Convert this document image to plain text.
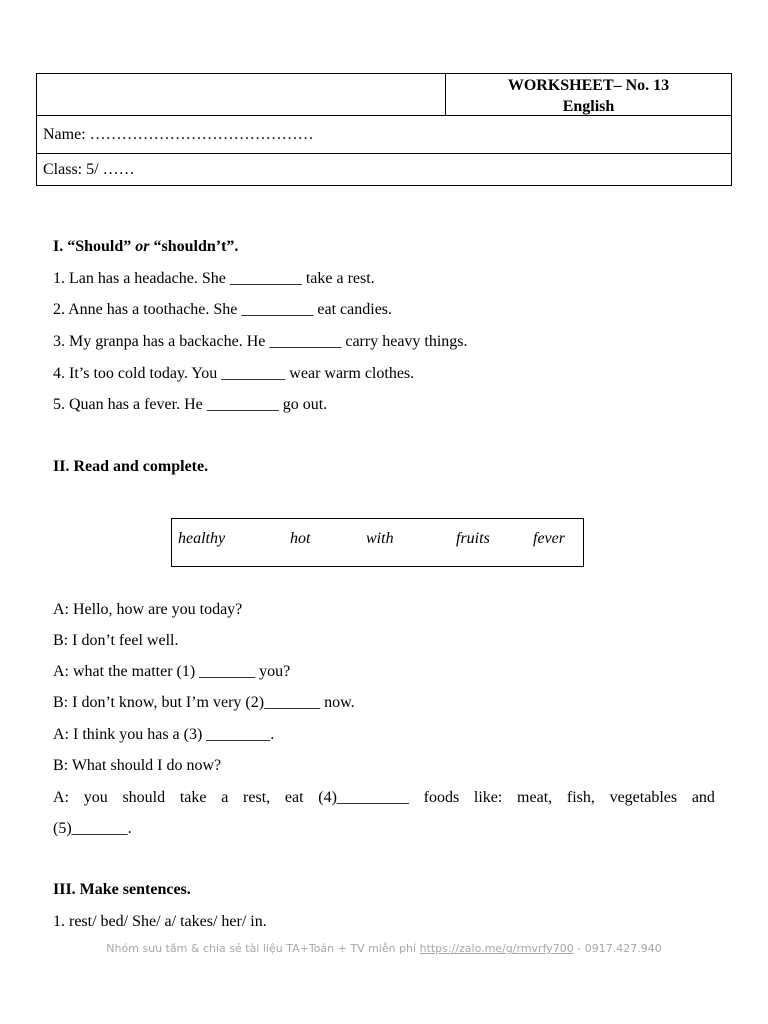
WORKSHEET– No. 13
English
Name: ……………………………………
Class: 5/ ……
I. “Should” or “shouldn’t”.
1. Lan has a headache. She _________ take a rest.
2. Anne has a toothache. She _________ eat candies.
3. My granpa has a backache. He _________ carry heavy things.
4. It’s too cold today. You ________ wear warm clothes.
5. Quan has a fever. He _________ go out.
II. Read and complete.
healthy	hot	with	fruits	fever
A: Hello, how are you today?
B: I don’t feel well.
A: what the matter (1) _______ you?
B: I don’t know, but I’m very (2)_______ now.
A: I think you has a (3) ________.
B: What should I do now?
A: you should take a rest, eat (4)_________ foods like: meat, fish, vegetables and
(5)_______.
III. Make sentences.
1. rest/ bed/ She/ a/ takes/ her/ in.
Nhóm sưu tầm & chia sẻ tài liệu TA+Toán + TV miễn phí https://zalo.me/g/rmvrfy700 - 0917.427.940
